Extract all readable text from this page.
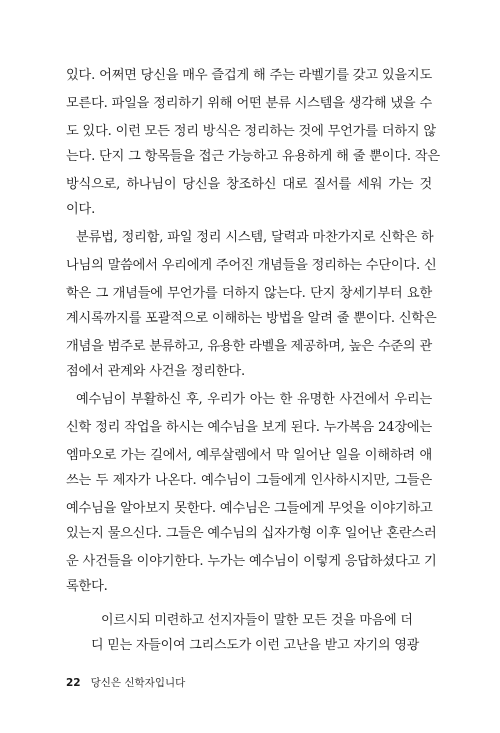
있다. 어쩌면 당신을 매우 즐겁게 해 주는 라벨기를 갖고 있을지도
모른다. 파일을 정리하기 위해 어떤 분류 시스템을 생각해 냈을 수
도 있다. 이런 모든 정리 방식은 정리하는 것에 무언가를 더하지 않
는다. 단지 그 항목들을 접근 가능하고 유용하게 해 줄 뿐이다. 작은
방식으로, 하나님이 당신을 창조하신 대로 질서를 세워 가는 것
이다.
분류법, 정리함, 파일 정리 시스템, 달력과 마찬가지로 신학은 하
나님의 말씀에서 우리에게 주어진 개념들을 정리하는 수단이다. 신
학은 그 개념들에 무언가를 더하지 않는다. 단지 창세기부터 요한
계시록까지를 포괄적으로 이해하는 방법을 알려 줄 뿐이다. 신학은
개념을 범주로 분류하고, 유용한 라벨을 제공하며, 높은 수준의 관
점에서 관계와 사건을 정리한다.
예수님이 부활하신 후, 우리가 아는 한 유명한 사건에서 우리는
신학 정리 작업을 하시는 예수님을 보게 된다. 누가복음 24장에는
엠마오로 가는 길에서, 예루살렘에서 막 일어난 일을 이해하려 애
쓰는 두 제자가 나온다. 예수님이 그들에게 인사하시지만, 그들은
예수님을 알아보지 못한다. 예수님은 그들에게 무엇을 이야기하고
있는지 물으신다. 그들은 예수님의 십자가형 이후 일어난 혼란스러
운 사건들을 이야기한다. 누가는 예수님이 이렇게 응답하셨다고 기
록한다.
이르시되 미련하고 선지자들이 말한 모든 것을 마음에 더
디 믿는 자들이여 그리스도가 이런 고난을 받고 자기의 영광
22 당신은 신학자입니다
